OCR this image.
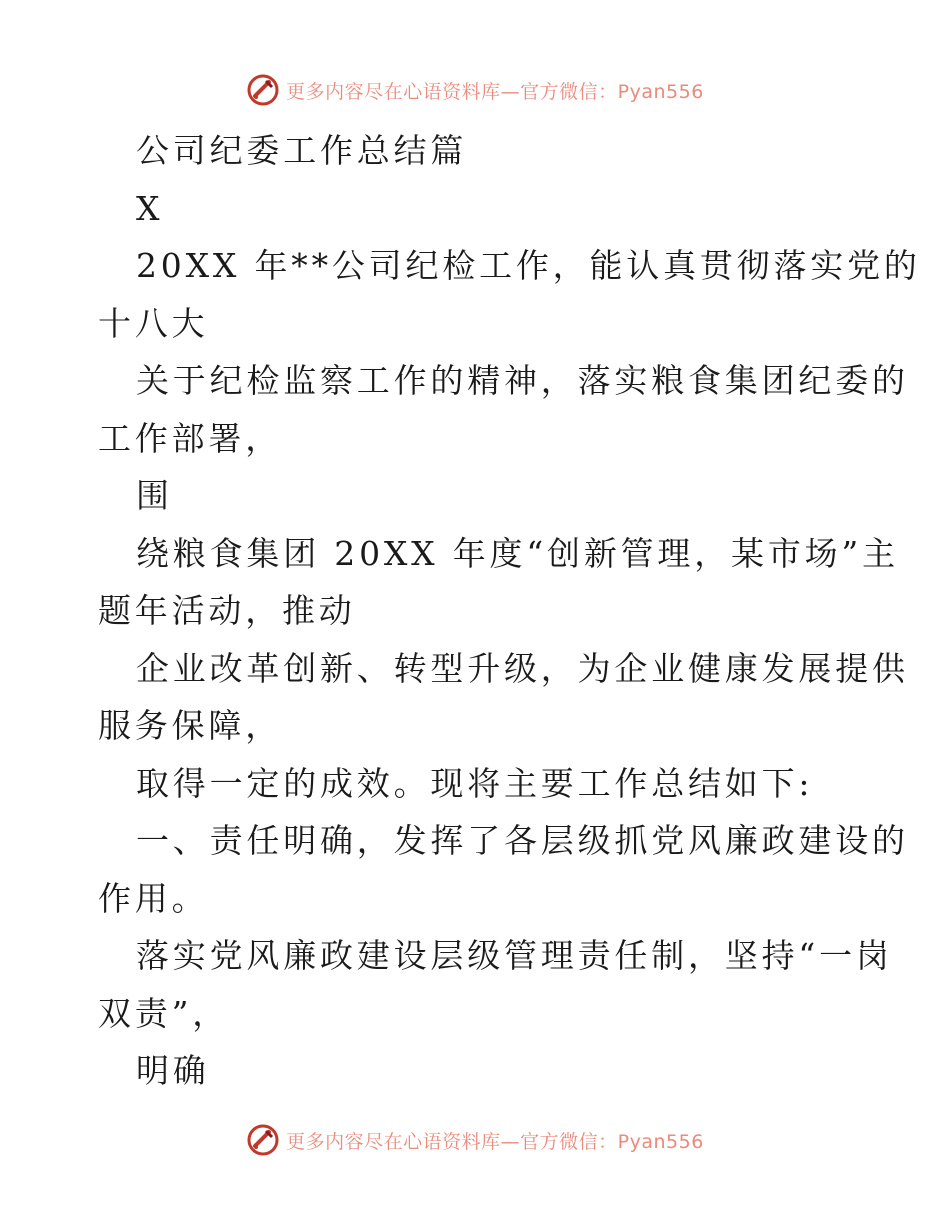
更多内容尽在心语资料库—官方微信：Pyan556
公司纪委工作总结篇
X
20XX 年**公司纪检工作，能认真贯彻落实党的
十八大
关于纪检监察工作的精神，落实粮食集团纪委的
工作部署，
围
绕粮食集团 20XX 年度“创新管理，某市场”主
题年活动，推动
企业改革创新、转型升级，为企业健康发展提供
服务保障，
取得一定的成效。现将主要工作总结如下:
一、责任明确，发挥了各层级抓党风廉政建设的
作用。
落实党风廉政建设层级管理责任制，坚持“一岗
双责”，
明确
更多内容尽在心语资料库—官方微信：Pyan556
